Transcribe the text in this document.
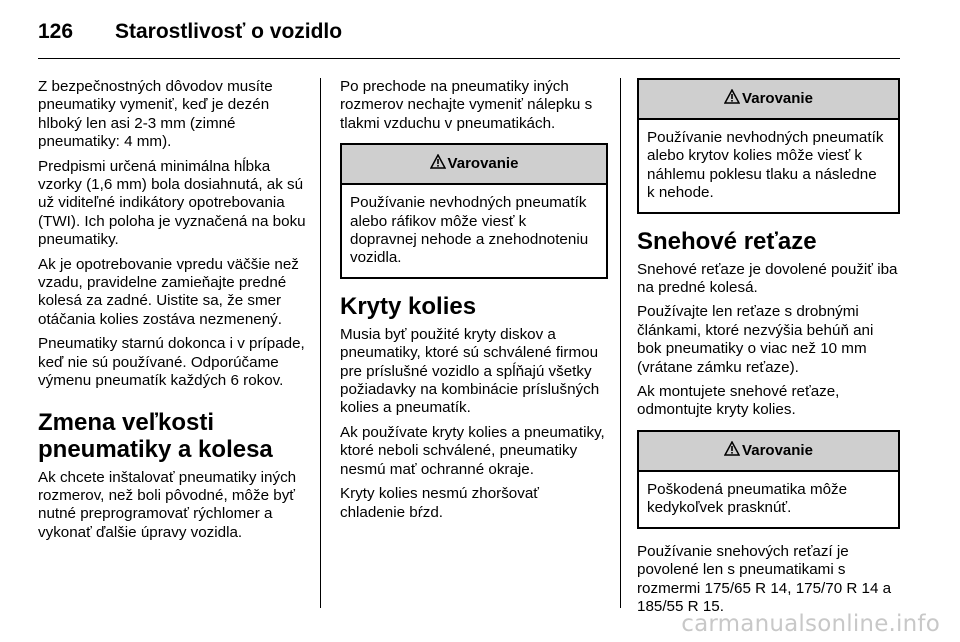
126 Starostlivosť o vozidlo

Z bezpečnostných dôvodov musíte pneumatiky vymeniť, keď je dezén hlboký len asi 2-3 mm (zimné pneumatiky: 4 mm).

Predpismi určená minimálna hĺbka vzorky (1,6 mm) bola dosiahnutá, ak sú už viditeľné indikátory opotrebovania (TWI). Ich poloha je vyznačená na boku pneumatiky.

Ak je opotrebovanie vpredu väčšie než vzadu, pravidelne zamieňajte predné kolesá za zadné. Uistite sa, že smer otáčania kolies zostáva nezmenený.

Pneumatiky starnú dokonca i v prípade, keď nie sú používané. Odporúčame výmenu pneumatík každých 6 rokov.

Zmena veľkosti pneumatiky a kolesa

Ak chcete inštalovať pneumatiky iných rozmerov, než boli pôvodné, môže byť nutné preprogramovať rýchlomer a vykonať ďalšie úpravy vozidla.

Po prechode na pneumatiky iných rozmerov nechajte vymeniť nálepku s tlakmi vzduchu v pneumatikách.

Varovanie

Používanie nevhodných pneumatík alebo ráfikov môže viesť k dopravnej nehode a znehodnoteniu vozidla.

Kryty kolies

Musia byť použité kryty diskov a pneumatiky, ktoré sú schválené firmou pre príslušné vozidlo a spĺňajú všetky požiadavky na kombinácie príslušných kolies a pneumatík.

Ak používate kryty kolies a pneumatiky, ktoré neboli schválené, pneumatiky nesmú mať ochranné okraje.

Kryty kolies nesmú zhoršovať chladenie bŕzd.

Varovanie

Používanie nevhodných pneumatík alebo krytov kolies môže viesť k náhlemu poklesu tlaku a následne k nehode.

Snehové reťaze

Snehové reťaze je dovolené použiť iba na predné kolesá.

Používajte len reťaze s drobnými článkami, ktoré nezvýšia behúň ani bok pneumatiky o viac než 10 mm (vrátane zámku reťaze).

Ak montujete snehové reťaze, odmontujte kryty kolies.

Varovanie

Poškodená pneumatika môže kedykoľvek prasknúť.

Používanie snehových reťazí je povolené len s pneumatikami s rozmermi 175/65 R 14, 175/70 R 14 a 185/55 R 15.

carmanualsonline.info
